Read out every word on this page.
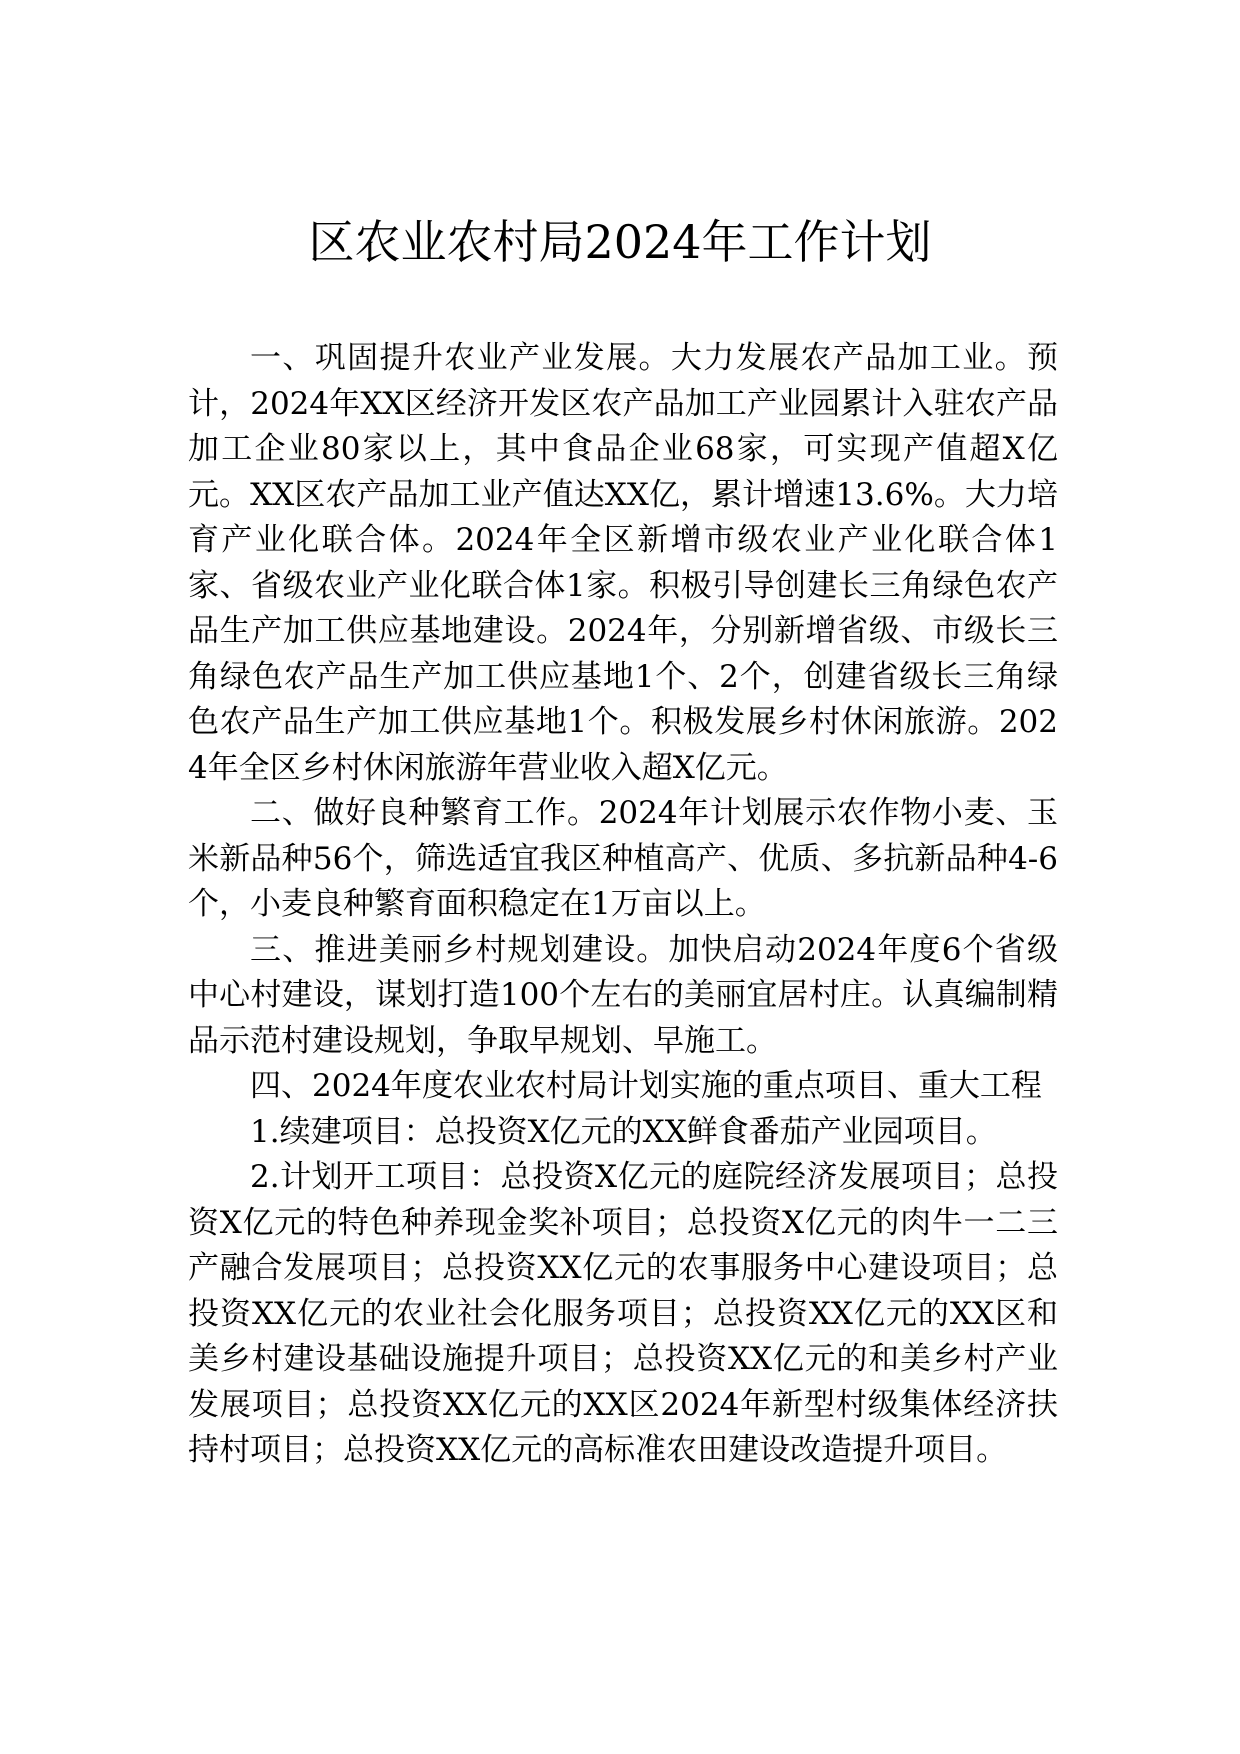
区农业农村局2024年工作计划

一、巩固提升农业产业发展。大力发展农产品加工业。预计，2024年XX区经济开发区农产品加工产业园累计入驻农产品加工企业80家以上，其中食品企业68家，可实现产值超X亿元。XX区农产品加工业产值达XX亿，累计增速13.6%。大力培育产业化联合体。2024年全区新增市级农业产业化联合体1家、省级农业产业化联合体1家。积极引导创建长三角绿色农产品生产加工供应基地建设。2024年，分别新增省级、市级长三角绿色农产品生产加工供应基地1个、2个，创建省级长三角绿色农产品生产加工供应基地1个。积极发展乡村休闲旅游。2024年全区乡村休闲旅游年营业收入超X亿元。

二、做好良种繁育工作。2024年计划展示农作物小麦、玉米新品种56个，筛选适宜我区种植高产、优质、多抗新品种4-6个，小麦良种繁育面积稳定在1万亩以上。

三、推进美丽乡村规划建设。加快启动2024年度6个省级中心村建设，谋划打造100个左右的美丽宜居村庄。认真编制精品示范村建设规划，争取早规划、早施工。

四、2024年度农业农村局计划实施的重点项目、重大工程

1.续建项目：总投资X亿元的XX鲜食番茄产业园项目。

2.计划开工项目：总投资X亿元的庭院经济发展项目；总投资X亿元的特色种养现金奖补项目；总投资X亿元的肉牛一二三产融合发展项目；总投资XX亿元的农事服务中心建设项目；总投资XX亿元的农业社会化服务项目；总投资XX亿元的XX区和美乡村建设基础设施提升项目；总投资XX亿元的和美乡村产业发展项目；总投资XX亿元的XX区2024年新型村级集体经济扶持村项目；总投资XX亿元的高标准农田建设改造提升项目。
